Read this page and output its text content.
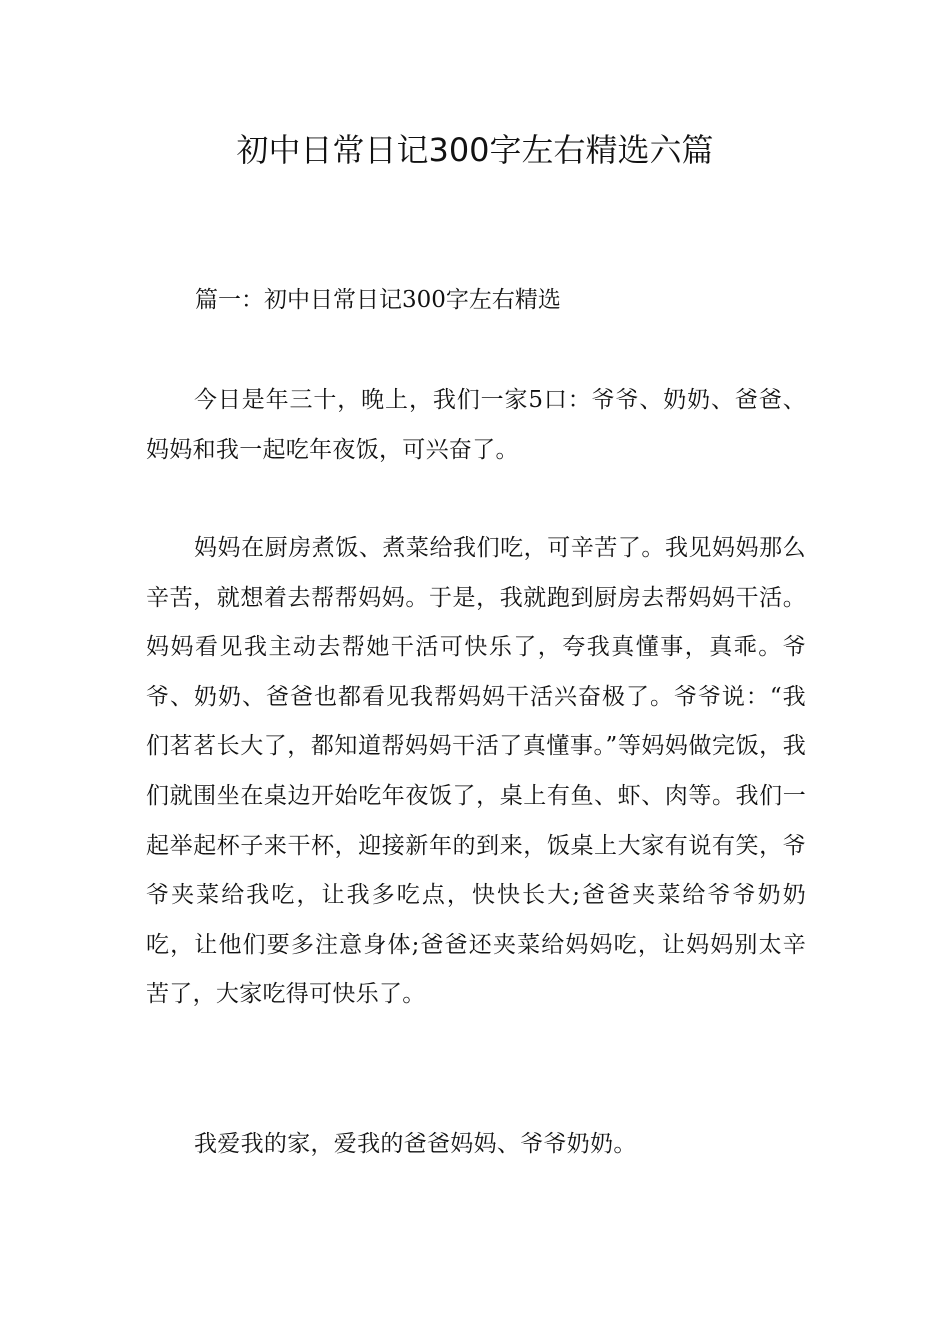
初中日常日记300字左右精选六篇
篇一：初中日常日记300字左右精选

今日是年三十，晚上，我们一家5口：爷爷、奶奶、爸爸、妈妈和我一起吃年夜饭，可兴奋了。

妈妈在厨房煮饭、煮菜给我们吃，可辛苦了。我见妈妈那么辛苦，就想着去帮帮妈妈。于是，我就跑到厨房去帮妈妈干活。妈妈看见我主动去帮她干活可快乐了，夸我真懂事，真乖。爷爷、奶奶、爸爸也都看见我帮妈妈干活兴奋极了。爷爷说：“我们茗茗长大了，都知道帮妈妈干活了真懂事。”等妈妈做完饭，我们就围坐在桌边开始吃年夜饭了，桌上有鱼、虾、肉等。我们一起举起杯子来干杯，迎接新年的到来，饭桌上大家有说有笑，爷爷夹菜给我吃，让我多吃点，快快长大;爸爸夹菜给爷爷奶奶吃，让他们要多注意身体;爸爸还夹菜给妈妈吃，让妈妈别太辛苦了，大家吃得可快乐了。

我爱我的家，爱我的爸爸妈妈、爷爷奶奶。
